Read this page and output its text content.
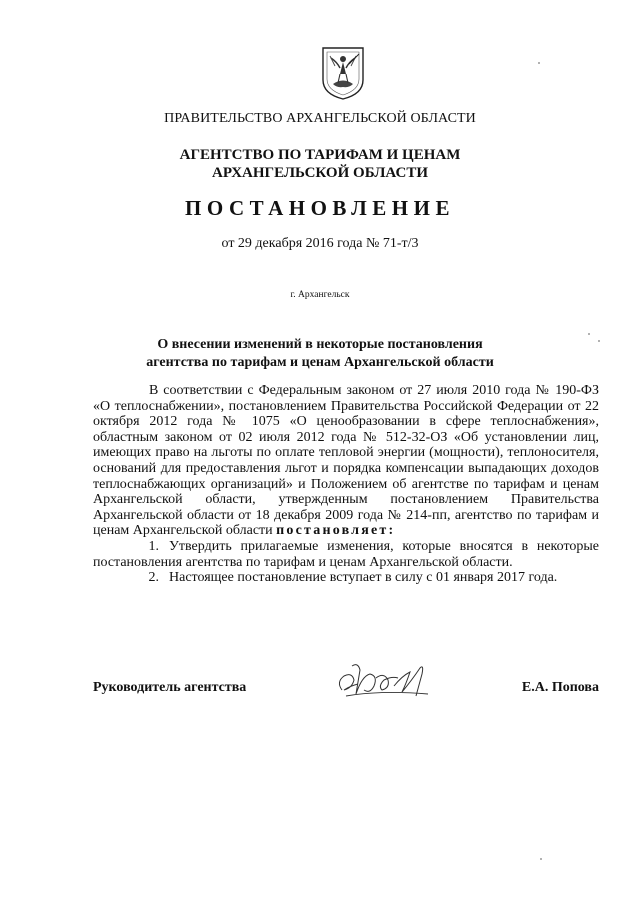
ПРАВИТЕЛЬСТВО АРХАНГЕЛЬСКОЙ ОБЛАСТИ
АГЕНТСТВО ПО ТАРИФАМ И ЦЕНАМ
АРХАНГЕЛЬСКОЙ ОБЛАСТИ
ПОСТАНОВЛЕНИЕ
от 29 декабря 2016 года № 71-т/3
г. Архангельск
О внесении изменений в некоторые постановления
агентства по тарифам и ценам Архангельской области

В соответствии с Федеральным законом от 27 июля 2010 года № 190-ФЗ «О теплоснабжении», постановлением Правительства Российской Федерации от 22 октября 2012 года № 1075 «О ценообразовании в сфере теплоснабжения», областным законом от 02 июля 2012 года № 512-32-ОЗ «Об установлении лиц, имеющих право на льготы по оплате тепловой энергии (мощности), теплоносителя, оснований для предоставления льгот и порядка компенсации выпадающих доходов теплоснабжающих организаций» и Положением об агентстве по тарифам и ценам Архангельской области, утвержденным постановлением Правительства Архангельской области от 18 декабря 2009 года № 214-пп, агентство по тарифам и ценам Архангельской области постановляет:

1. Утвердить прилагаемые изменения, которые вносятся в некоторые постановления агентства по тарифам и ценам Архангельской области.

2. Настоящее постановление вступает в силу с 01 января 2017 года.

Руководитель агентства	Е.А. Попова
